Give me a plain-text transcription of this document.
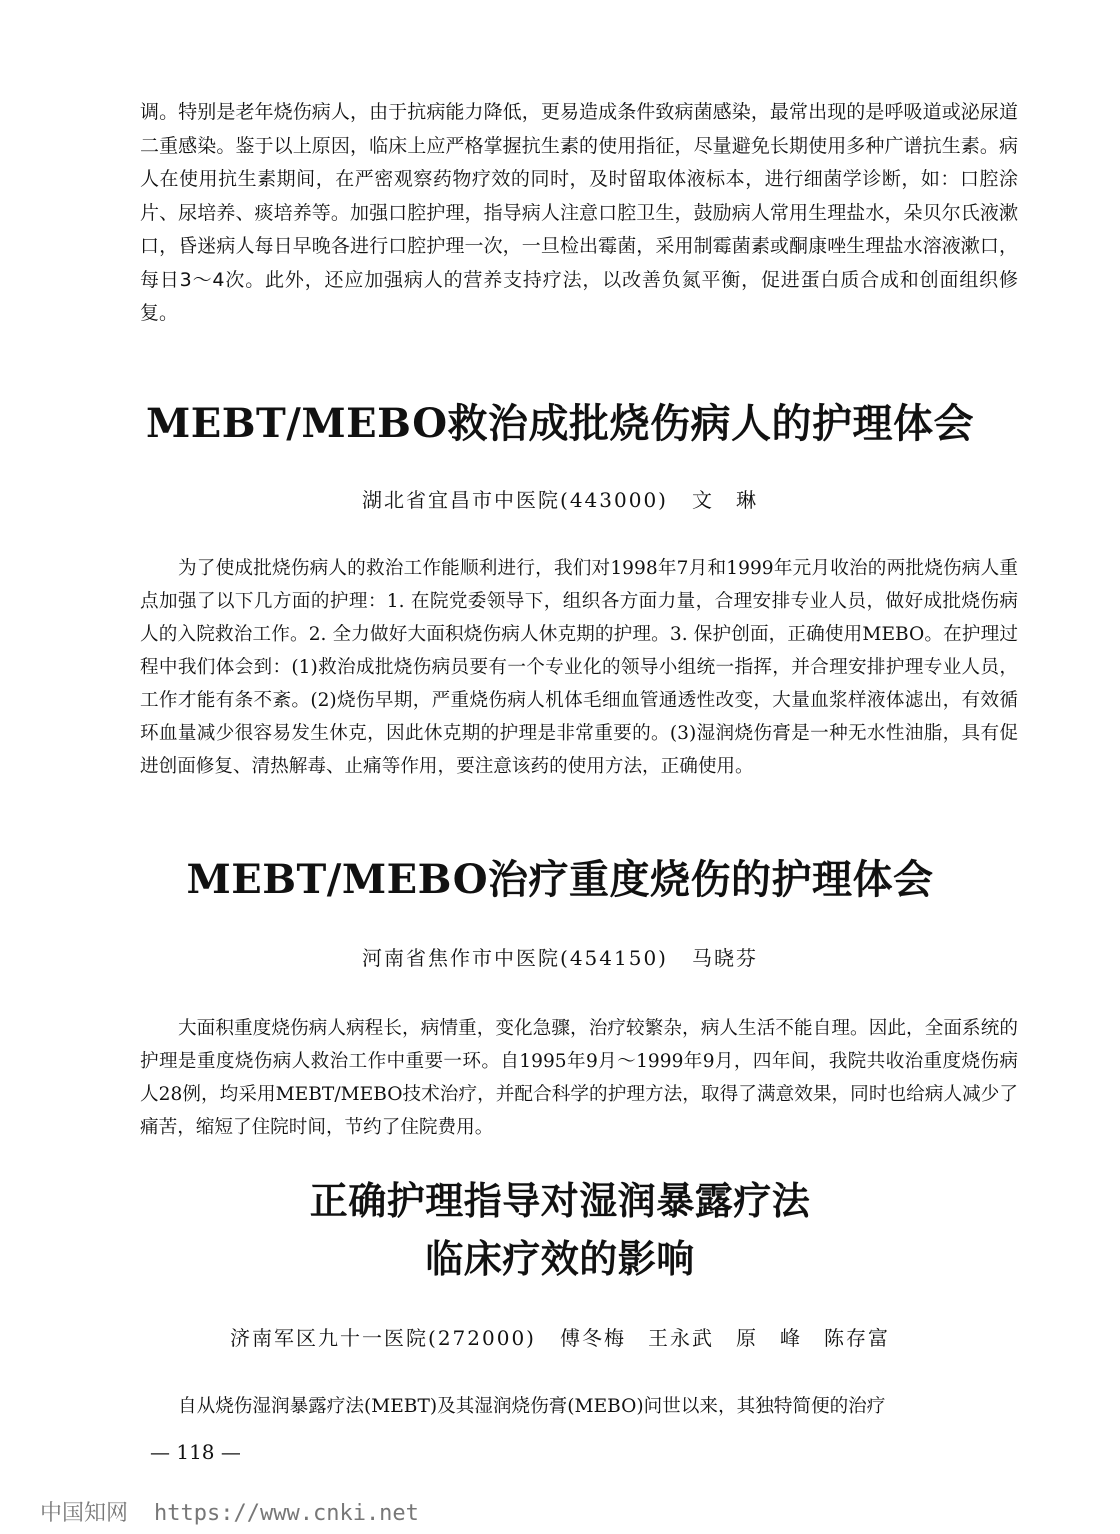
调。特别是老年烧伤病人，由于抗病能力降低，更易造成条件致病菌感染，最常出现的是呼吸道或泌尿道二重感染。鉴于以上原因，临床上应严格掌握抗生素的使用指征，尽量避免长期使用多种广谱抗生素。病人在使用抗生素期间，在严密观察药物疗效的同时，及时留取体液标本，进行细菌学诊断，如：口腔涂片、尿培养、痰培养等。加强口腔护理，指导病人注意口腔卫生，鼓励病人常用生理盐水，朵贝尔氏液漱口，昏迷病人每日早晚各进行口腔护理一次，一旦检出霉菌，采用制霉菌素或酮康唑生理盐水溶液漱口，每日3～4次。此外，还应加强病人的营养支持疗法，以改善负氮平衡，促进蛋白质合成和创面组织修复。

MEBT/MEBO救治成批烧伤病人的护理体会
湖北省宜昌市中医院(443000) 文　琳

为了使成批烧伤病人的救治工作能顺利进行，我们对1998年7月和1999年元月收治的两批烧伤病人重点加强了以下几方面的护理：1. 在院党委领导下，组织各方面力量，合理安排专业人员，做好成批烧伤病人的入院救治工作。2. 全力做好大面积烧伤病人休克期的护理。3. 保护创面，正确使用MEBO。在护理过程中我们体会到：(1)救治成批烧伤病员要有一个专业化的领导小组统一指挥，并合理安排护理专业人员，工作才能有条不紊。(2)烧伤早期，严重烧伤病人机体毛细血管通透性改变，大量血浆样液体滤出，有效循环血量减少很容易发生休克，因此休克期的护理是非常重要的。(3)湿润烧伤膏是一种无水性油脂，具有促进创面修复、清热解毒、止痛等作用，要注意该药的使用方法，正确使用。

MEBT/MEBO治疗重度烧伤的护理体会
河南省焦作市中医院(454150) 马晓芬

大面积重度烧伤病人病程长，病情重，变化急骤，治疗较繁杂，病人生活不能自理。因此，全面系统的护理是重度烧伤病人救治工作中重要一环。自1995年9月～1999年9月，四年间，我院共收治重度烧伤病人28例，均采用MEBT/MEBO技术治疗，并配合科学的护理方法，取得了满意效果，同时也给病人减少了痛苦，缩短了住院时间，节约了住院费用。

正确护理指导对湿润暴露疗法
临床疗效的影响
济南军区九十一医院(272000) 傅冬梅　王永武　原　峰　陈存富

自从烧伤湿润暴露疗法(MEBT)及其湿润烧伤膏(MEBO)问世以来，其独特简便的治疗

— 118 —
中国知网 https://www.cnki.net
